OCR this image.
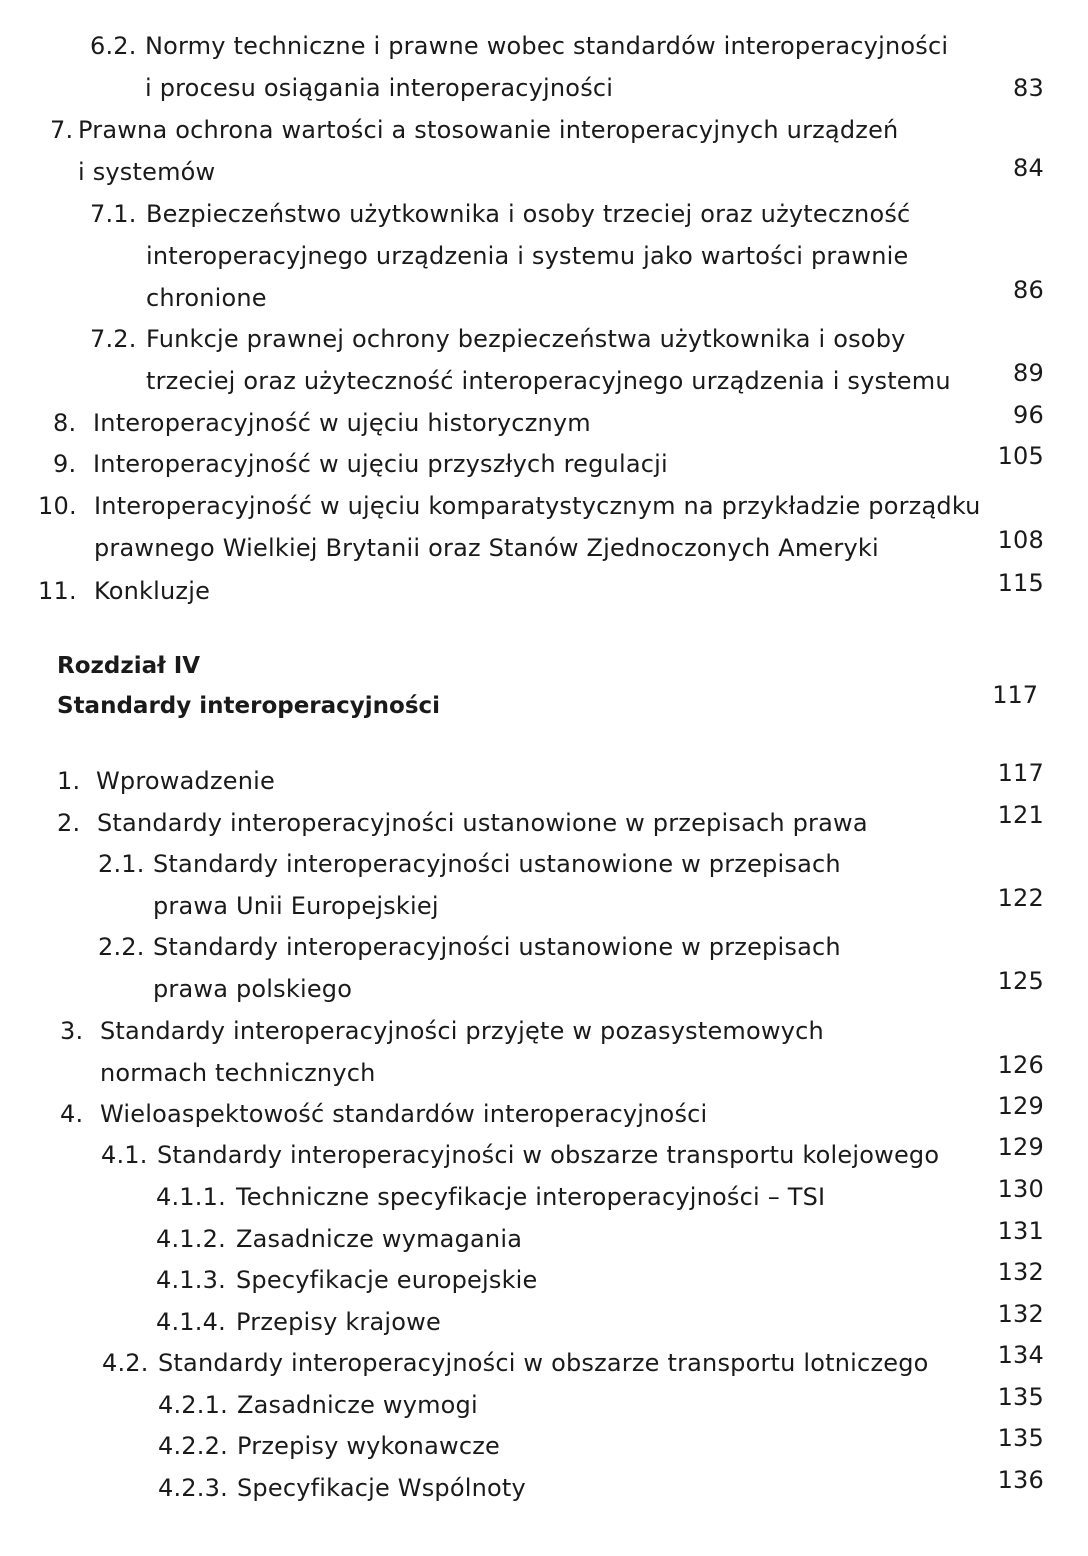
6.2. Normy techniczne i prawne wobec standardów interoperacyjności
i procesu osiągania interoperacyjności	83
7. Prawna ochrona wartości a stosowanie interoperacyjnych urządzeń
i systemów	84
7.1. Bezpieczeństwo użytkownika i osoby trzeciej oraz użyteczność
interoperacyjnego urządzenia i systemu jako wartości prawnie
chronione	86
7.2. Funkcje prawnej ochrony bezpieczeństwa użytkownika i osoby
trzeciej oraz użyteczność interoperacyjnego urządzenia i systemu	89
8. Interoperacyjność w ujęciu historycznym	96
9. Interoperacyjność w ujęciu przyszłych regulacji	105
10. Interoperacyjność w ujęciu komparatystycznym na przykładzie porządku
prawnego Wielkiej Brytanii oraz Stanów Zjednoczonych Ameryki	108
11. Konkluzje	115
Rozdział IV
Standardy interoperacyjności	117
1. Wprowadzenie	117
2. Standardy interoperacyjności ustanowione w przepisach prawa	121
2.1. Standardy interoperacyjności ustanowione w przepisach
prawa Unii Europejskiej	122
2.2. Standardy interoperacyjności ustanowione w przepisach
prawa polskiego	125
3. Standardy interoperacyjności przyjęte w pozasystemowych
normach technicznych	126
4. Wieloaspektowość standardów interoperacyjności	129
4.1. Standardy interoperacyjności w obszarze transportu kolejowego 129
4.1.1. Techniczne specyfikacje interoperacyjności – TSI	130
4.1.2. Zasadnicze wymagania	131
4.1.3. Specyfikacje europejskie	132
4.1.4. Przepisy krajowe	132
4.2. Standardy interoperacyjności w obszarze transportu lotniczego	134
4.2.1. Zasadnicze wymogi	135
4.2.2. Przepisy wykonawcze	135
4.2.3. Specyfikacje Wspólnoty	136
